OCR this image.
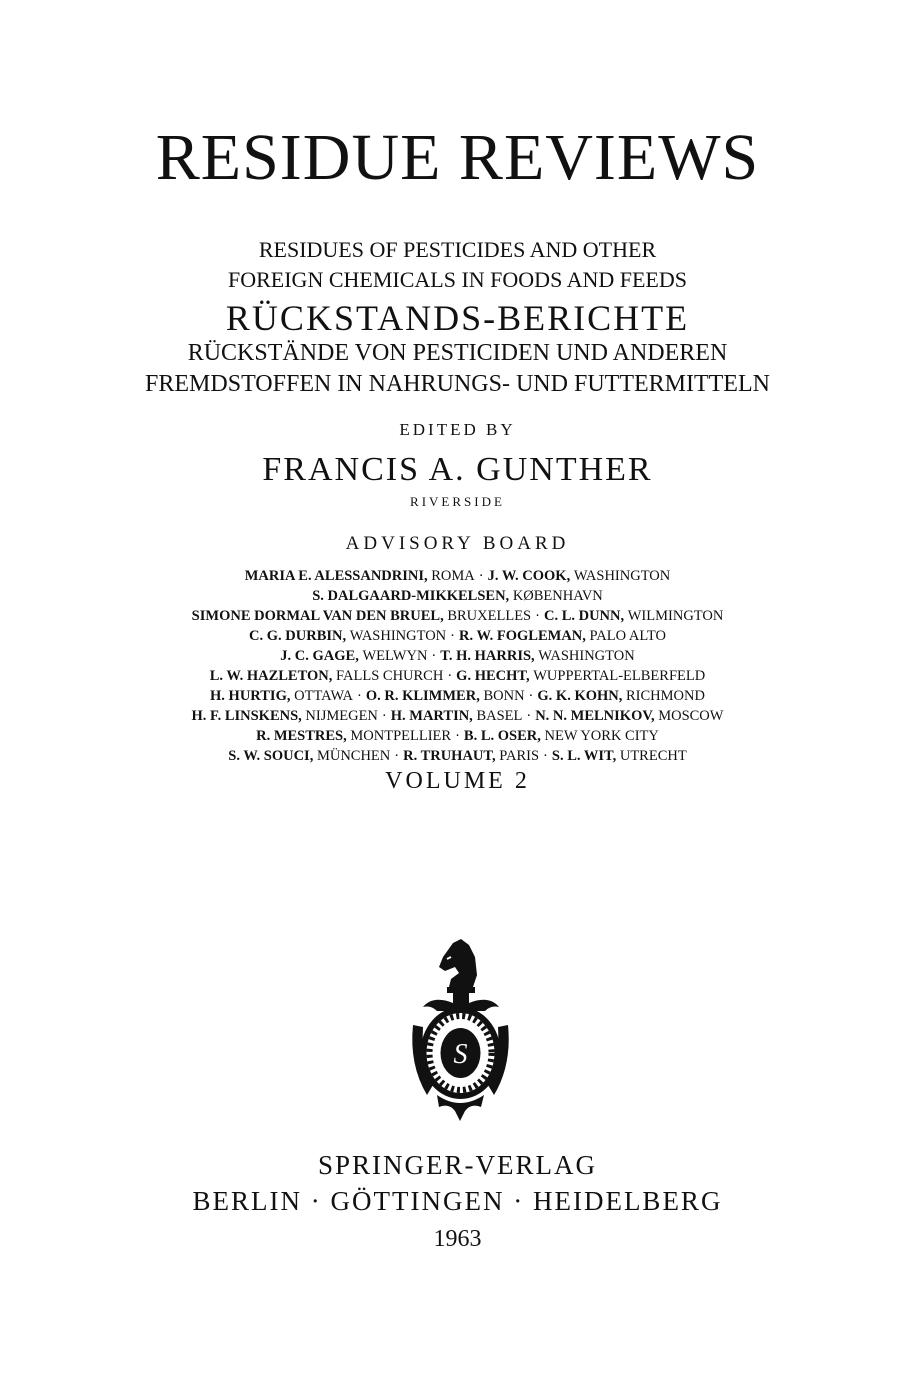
RESIDUE REVIEWS
RESIDUES OF PESTICIDES AND OTHER
FOREIGN CHEMICALS IN FOODS AND FEEDS
RÜCKSTANDS-BERICHTE
RÜCKSTÄNDE VON PESTICIDEN UND ANDEREN
FREMDSTOFFEN IN NAHRUNGS- UND FUTTERMITTELN
EDITED BY
FRANCIS A. GUNTHER
RIVERSIDE
ADVISORY BOARD
MARIA E. ALESSANDRINI, ROMA · J. W. COOK, WASHINGTON
S. DALGAARD-MIKKELSEN, KØBENHAVN
SIMONE DORMAL VAN DEN BRUEL, BRUXELLES · C. L. DUNN, WILMINGTON
C. G. DURBIN, WASHINGTON · R. W. FOGLEMAN, PALO ALTO
J. C. GAGE, WELWYN · T. H. HARRIS, WASHINGTON
L. W. HAZLETON, FALLS CHURCH · G. HECHT, WUPPERTAL-ELBERFELD
H. HURTIG, OTTAWA · O. R. KLIMMER, BONN · G. K. KOHN, RICHMOND
H. F. LINSKENS, NIJMEGEN · H. MARTIN, BASEL · N. N. MELNIKOV, MOSCOW
R. MESTRES, MONTPELLIER · B. L. OSER, NEW YORK CITY
S. W. SOUCI, MÜNCHEN · R. TRUHAUT, PARIS · S. L. WIT, UTRECHT
VOLUME 2
S
SPRINGER-VERLAG
BERLIN · GÖTTINGEN · HEIDELBERG
1963
